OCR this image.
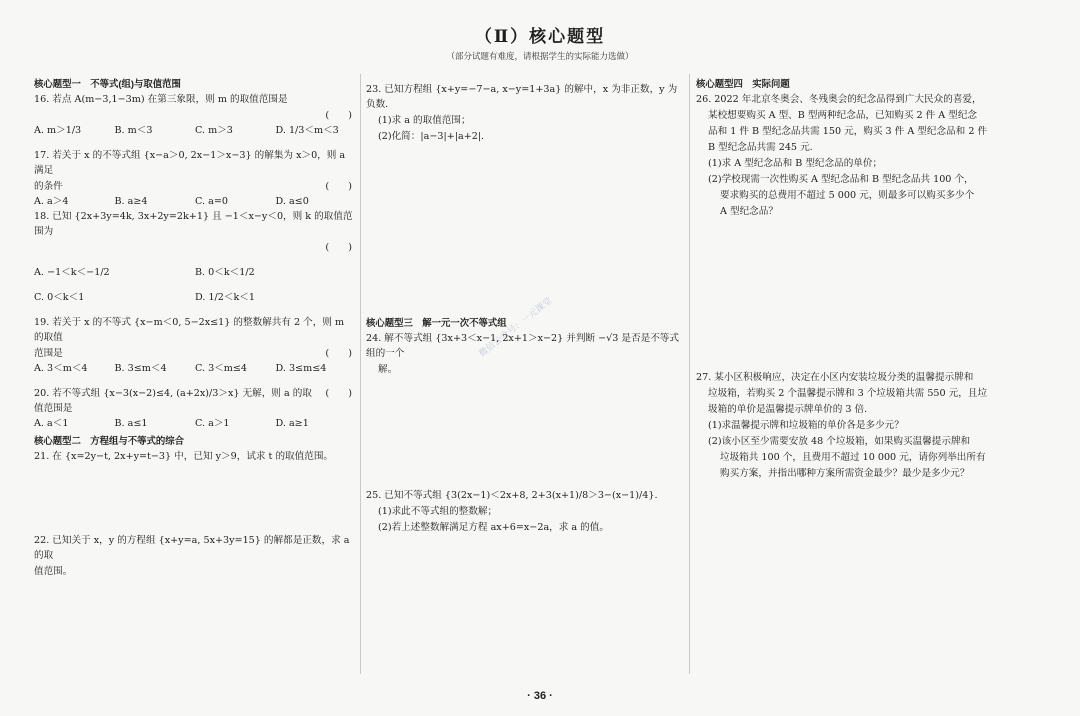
（Ⅱ）核心题型
（部分试题有难度，请根据学生的实际能力选做）
微信公众号：一元课堂
核心题型一　不等式(组)与取值范围
16. 若点 A(m−3,1−3m) 在第三象限，则 m 的取值范围是
(　　)
A. m＞1/3	B. m＜3	C. m＞3	D. 1/3＜m＜3
17. 若关于 x 的不等式组 {x−a＞0, 2x−1＞x−3} 的解集为 x＞0，则 a 满足
的条件	(　　)
A. a＞4	B. a≥4	C. a=0	D. a≤0
18. 已知 {2x+3y=4k, 3x+2y=2k+1} 且 −1＜x−y＜0，则 k 的取值范围为
(　　)
A. −1＜k＜−1/2	B. 0＜k＜1/2
C. 0＜k＜1	D. 1/2＜k＜1
19. 若关于 x 的不等式 {x−m＜0, 5−2x≤1} 的整数解共有 2 个，则 m 的取值
范围是	(　　)
A. 3＜m＜4	B. 3≤m＜4	C. 3＜m≤4	D. 3≤m≤4
20. 若不等式组 {x−3(x−2)≤4, (a+2x)/3＞x} 无解，则 a 的取值范围是
(　　)
A. a＜1	B. a≤1	C. a＞1	D. a≥1
核心题型二　方程组与不等式的综合
21. 在 {x=2y−t, 2x+y=t−3} 中，已知 y＞9，试求 t 的取值范围。
22. 已知关于 x，y 的方程组 {x+y=a, 5x+3y=15} 的解都是正数，求 a 的取
值范围。
23. 已知方程组 {x+y=−7−a, x−y=1+3a} 的解中，x 为非正数，y 为负数.
(1)求 a 的取值范围；
(2)化简：|a−3|+|a+2|.
核心题型三　解一元一次不等式组
24. 解不等式组 {3x+3＜x−1, 2x+1＞x−2} 并判断 −√3 是否是不等式组的一个
解。
25. 已知不等式组 {3(2x−1)＜2x+8, 2+3(x+1)/8＞3−(x−1)/4}.
(1)求此不等式组的整数解；
(2)若上述整数解满足方程 ax+6=x−2a，求 a 的值。
核心题型四　实际问题
26. 2022 年北京冬奥会、冬残奥会的纪念品得到广大民众的喜爱，
某校想要购买 A 型、B 型两种纪念品，已知购买 2 件 A 型纪念
品和 1 件 B 型纪念品共需 150 元，购买 3 件 A 型纪念品和 2 件
B 型纪念品共需 245 元.
(1)求 A 型纪念品和 B 型纪念品的单价；
(2)学校现需一次性购买 A 型纪念品和 B 型纪念品共 100 个，
要求购买的总费用不超过 5 000 元，则最多可以购买多少个
A 型纪念品？
27. 某小区积极响应，决定在小区内安装垃圾分类的温馨提示牌和
垃圾箱，若购买 2 个温馨提示牌和 3 个垃圾箱共需 550 元，且垃
圾箱的单价是温馨提示牌单价的 3 倍.
(1)求温馨提示牌和垃圾箱的单价各是多少元？
(2)该小区至少需要安放 48 个垃圾箱，如果购买温馨提示牌和
垃圾箱共 100 个，且费用不超过 10 000 元，请你列举出所有
购买方案，并指出哪种方案所需资金最少？最少是多少元？
· 36 ·
